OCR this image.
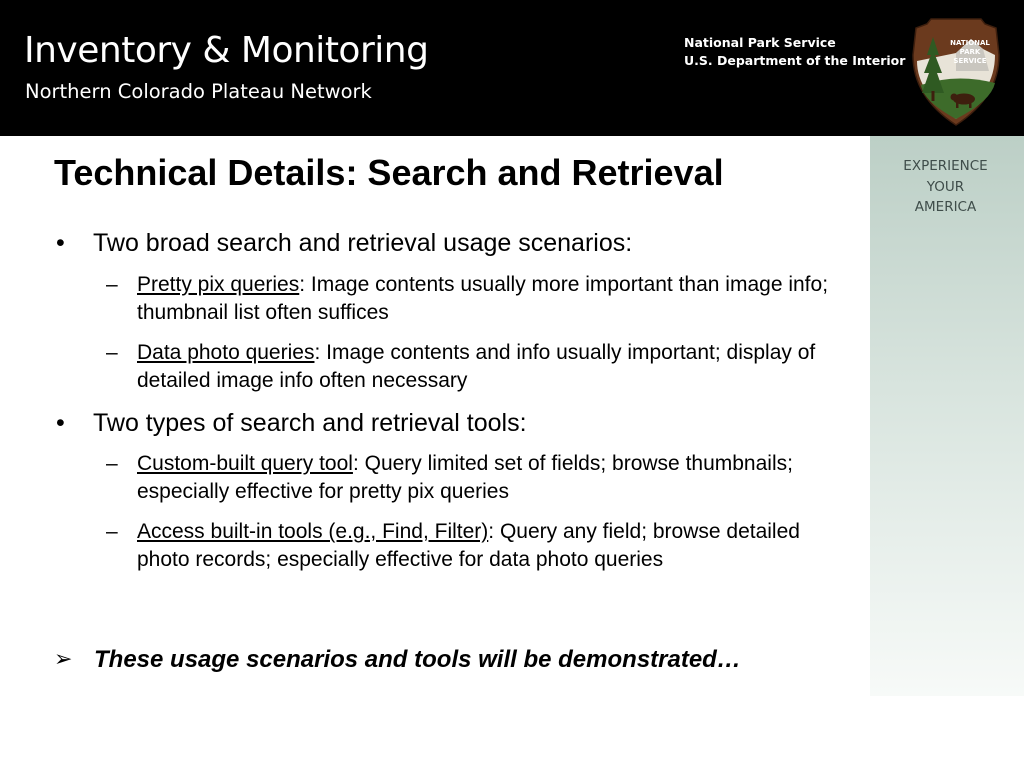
Inventory & Monitoring
Northern Colorado Plateau Network
National Park Service
U.S. Department of the Interior
NATIONAL
PARK
SERVICE
EXPERIENCE
YOUR
AMERICA
Technical Details: Search and Retrieval
• Two broad search and retrieval usage scenarios:
– Pretty pix queries: Image contents usually more important than image info; thumbnail list often suffices
– Data photo queries: Image contents and info usually important; display of detailed image info often necessary
• Two types of search and retrieval tools:
– Custom-built query tool: Query limited set of fields; browse thumbnails; especially effective for pretty pix queries
– Access built-in tools (e.g., Find, Filter): Query any field; browse detailed photo records; especially effective for data photo queries
➢ These usage scenarios and tools will be demonstrated…
